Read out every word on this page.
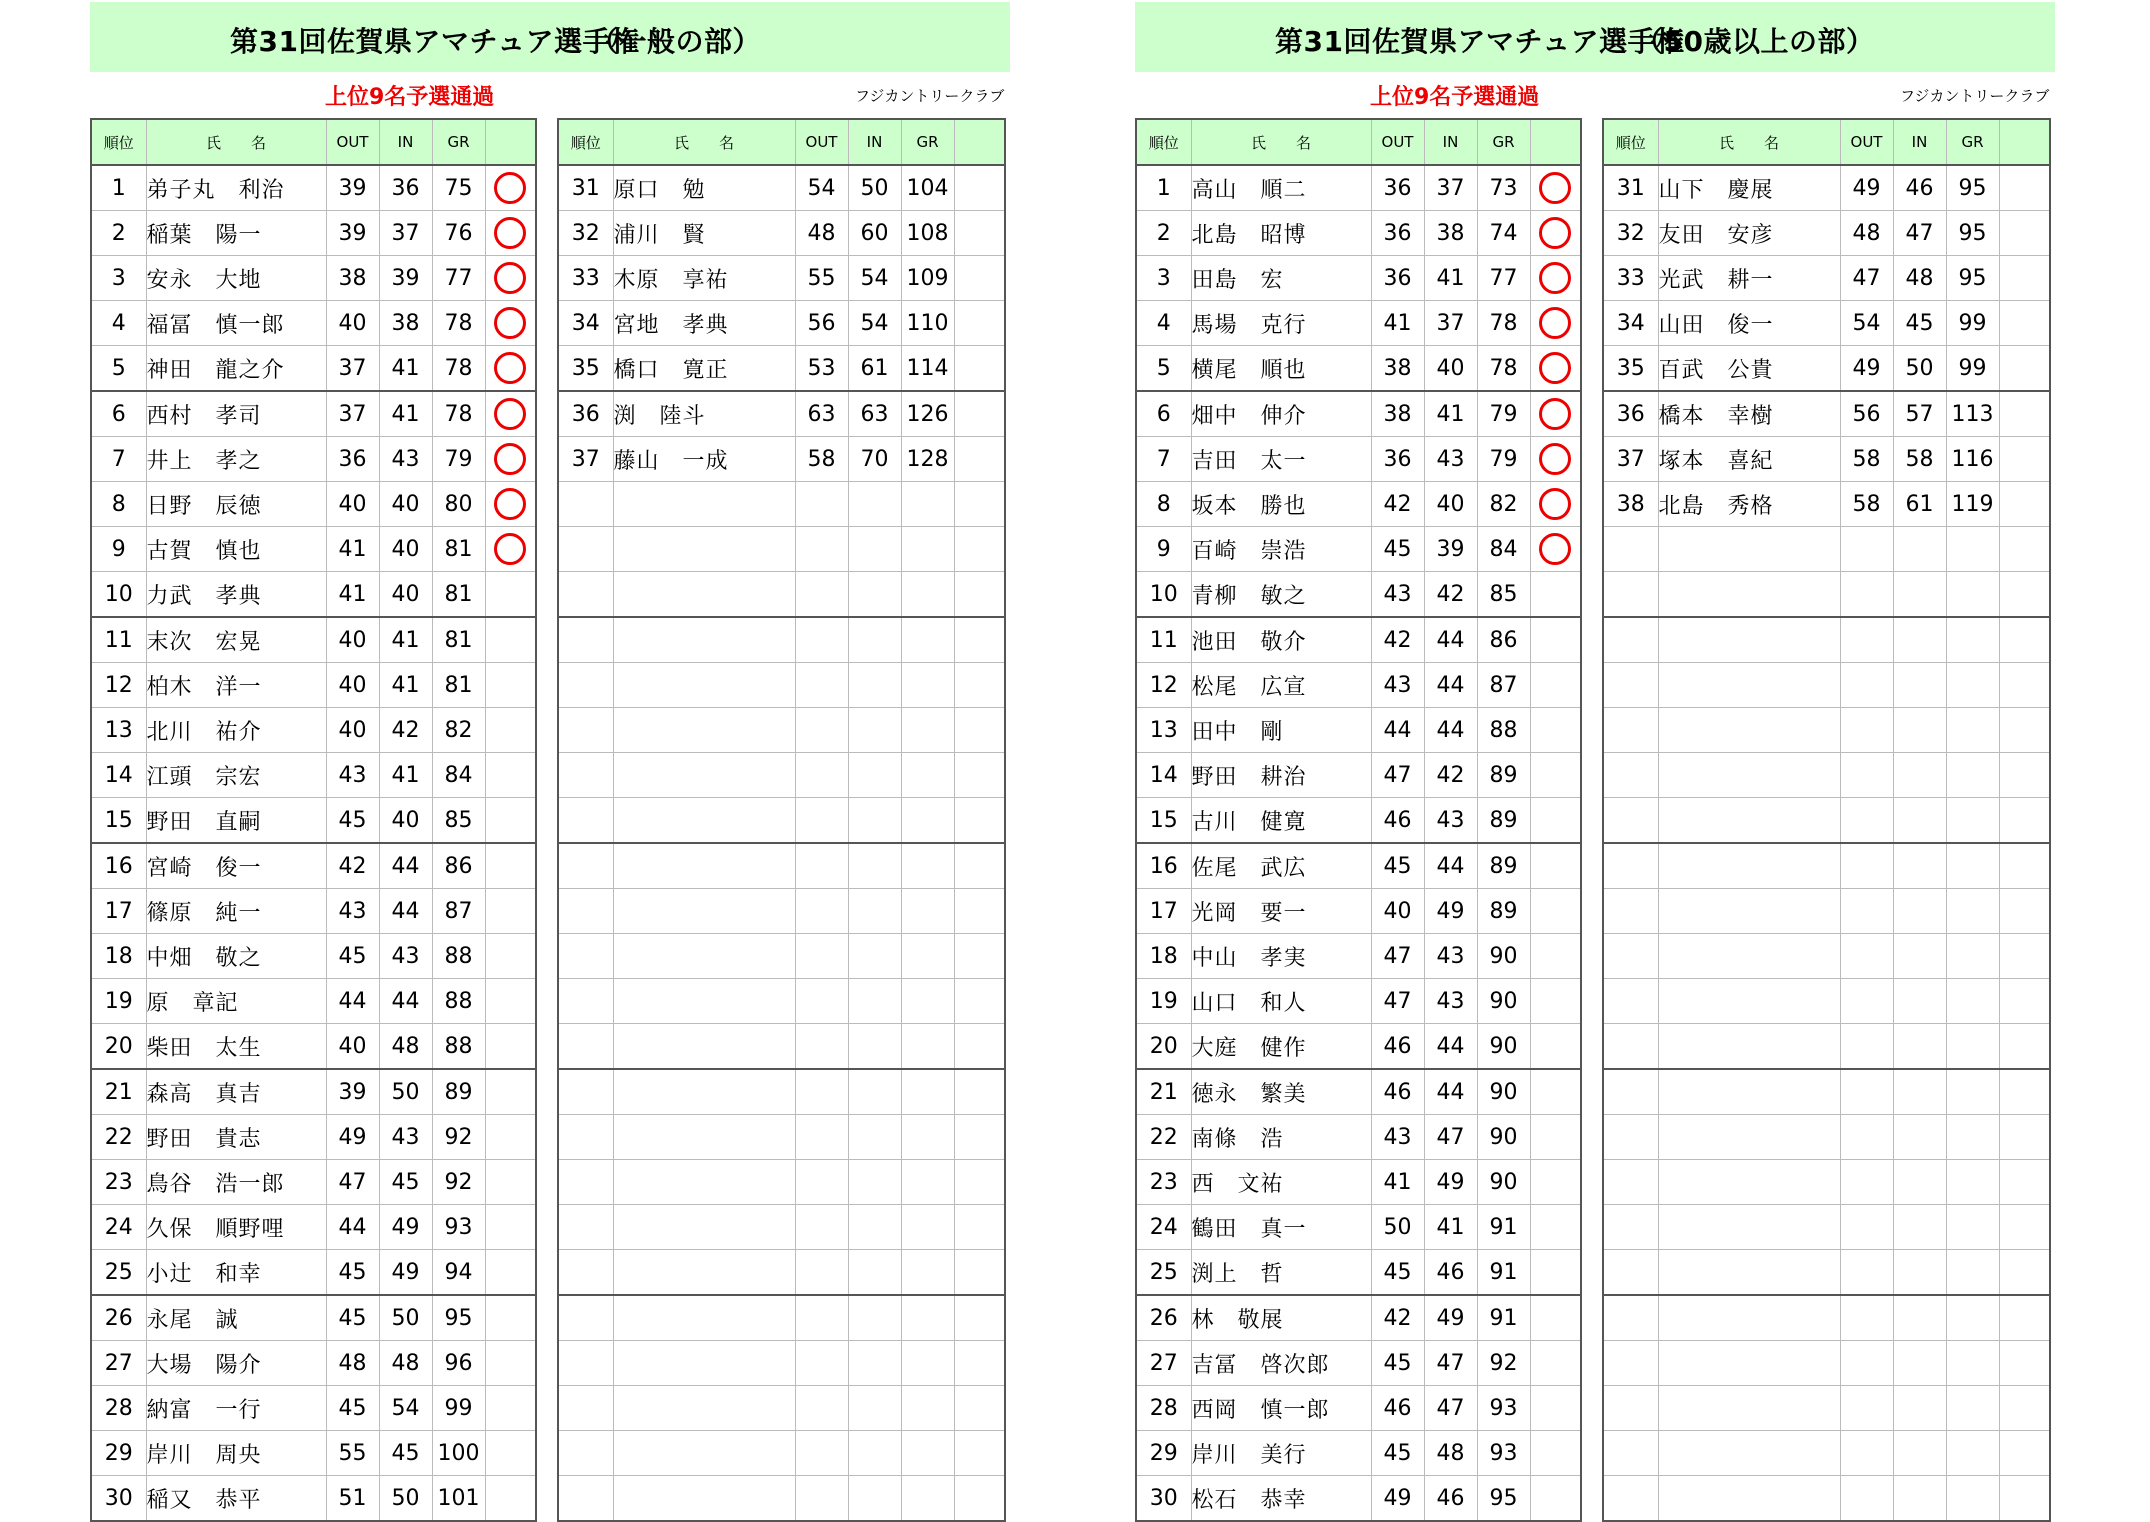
第31回佐賀県アマチュア選手権
（一般の部）
上位9名予選通過	フジカントリークラブ
順位	氏　　名	OUT	IN	GR	
1	弟子丸　利治	39	36	75	
2	稲葉　陽一	39	37	76	
3	安永　大地	38	39	77	
4	福冨　慎一郎	40	38	78	
5	神田　龍之介	37	41	78	
6	西村　孝司	37	41	78	
7	井上　孝之	36	43	79	
8	日野　辰徳	40	40	80	
9	古賀　慎也	41	40	81	
10	力武　孝典	41	40	81	
11	末次　宏晃	40	41	81	
12	柏木　洋一	40	41	81	
13	北川　祐介	40	42	82	
14	江頭　宗宏	43	41	84	
15	野田　直嗣	45	40	85	
16	宮崎　俊一	42	44	86	
17	篠原　純一	43	44	87	
18	中畑　敬之	45	43	88	
19	原　章記	44	44	88	
20	柴田　太生	40	48	88	
21	森高　真吉	39	50	89	
22	野田　貴志	49	43	92	
23	鳥谷　浩一郎	47	45	92	
24	久保　順野哩	44	49	93	
25	小辻　和幸	45	49	94	
26	永尾　誠	45	50	95	
27	大場　陽介	48	48	96	
28	納富　一行	45	54	99	
29	岸川　周央	55	45	100	
30	稲又　恭平	51	50	101	
順位	氏　　名	OUT	IN	GR	
31	原口　勉	54	50	104	
32	浦川　賢	48	60	108	
33	木原　享祐	55	54	109	
34	宮地　孝典	56	54	110	
35	橋口　寛正	53	61	114	
36	渕　陸斗	63	63	126	
37	藤山　一成	58	70	128	

第31回佐賀県アマチュア選手権
（50歳以上の部）
上位9名予選通過	フジカントリークラブ
順位	氏　　名	OUT	IN	GR	
1	高山　順二	36	37	73	
2	北島　昭博	36	38	74	
3	田島　宏	36	41	77	
4	馬場　克行	41	37	78	
5	横尾　順也	38	40	78	
6	畑中　伸介	38	41	79	
7	吉田　太一	36	43	79	
8	坂本　勝也	42	40	82	
9	百崎　崇浩	45	39	84	
10	青柳　敏之	43	42	85	
11	池田　敬介	42	44	86	
12	松尾　広宣	43	44	87	
13	田中　剛	44	44	88	
14	野田　耕治	47	42	89	
15	古川　健寛	46	43	89	
16	佐尾　武広	45	44	89	
17	光岡　要一	40	49	89	
18	中山　孝実	47	43	90	
19	山口　和人	47	43	90	
20	大庭　健作	46	44	90	
21	徳永　繁美	46	44	90	
22	南條　浩	43	47	90	
23	西　文祐	41	49	90	
24	鶴田　真一	50	41	91	
25	渕上　哲	45	46	91	
26	林　敬展	42	49	91	
27	吉冨　啓次郎	45	47	92	
28	西岡　慎一郎	46	47	93	
29	岸川　美行	45	48	93	
30	松石　恭幸	49	46	95	
順位	氏　　名	OUT	IN	GR	
31	山下　慶展	49	46	95	
32	友田　安彦	48	47	95	
33	光武　耕一	47	48	95	
34	山田　俊一	54	45	99	
35	百武　公貴	49	50	99	
36	橋本　幸樹	56	57	113	
37	塚本　喜紀	58	58	116	
38	北島　秀格	58	61	119	
